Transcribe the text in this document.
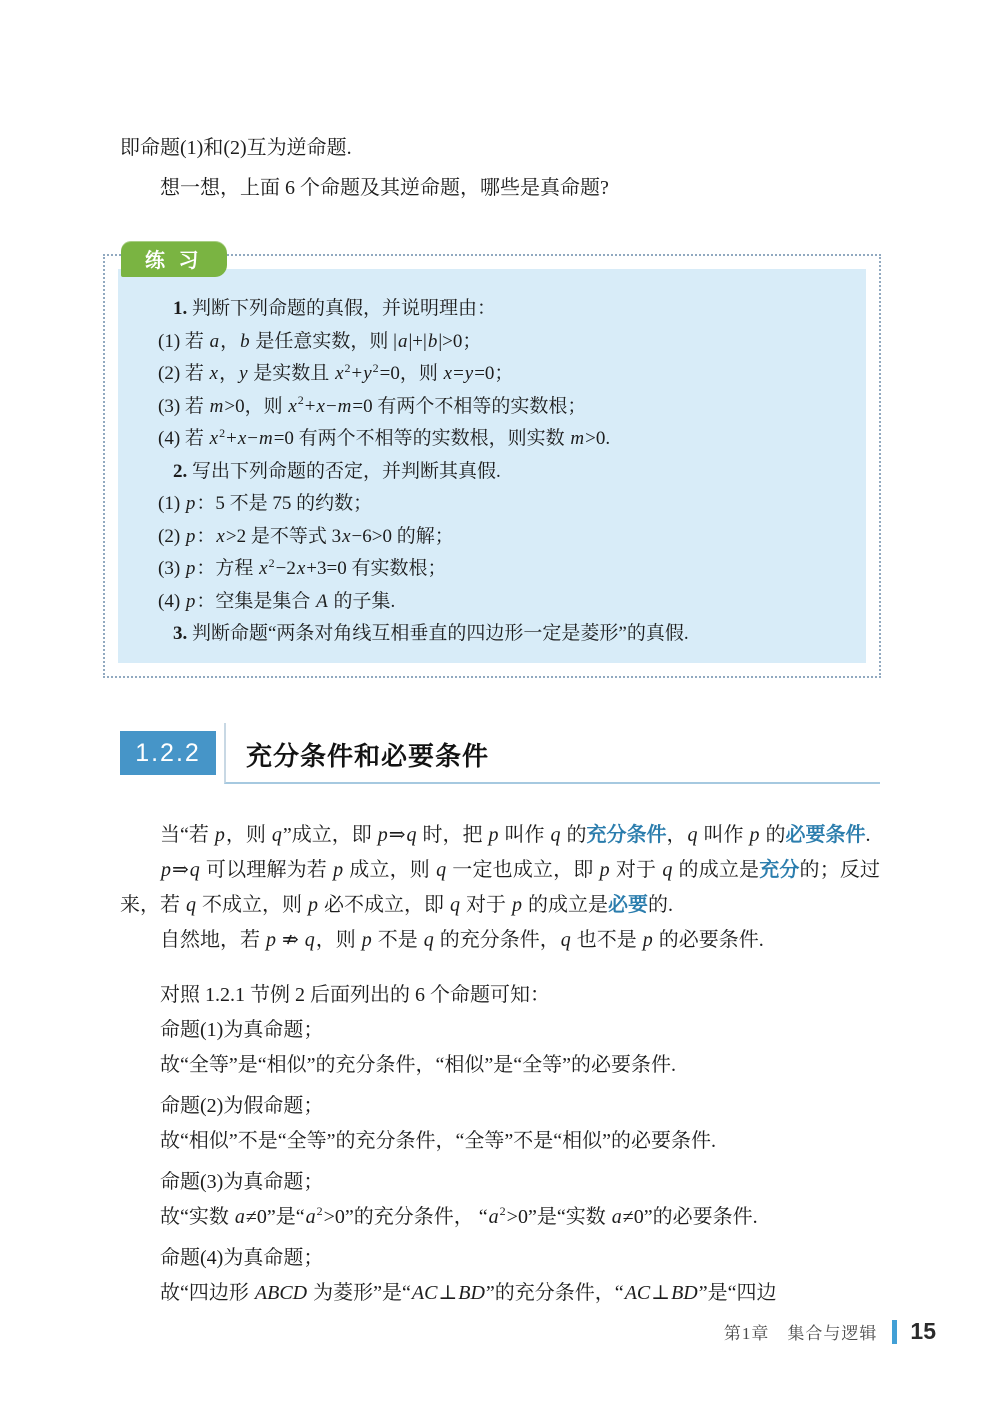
即命题(1)和(2)互为逆命题.

想一想，上面 6 个命题及其逆命题，哪些是真命题?

练 习
1. 判断下列命题的真假，并说明理由：
(1) 若 a，b 是任意实数，则 |a|+|b|>0；
(2) 若 x，y 是实数且 $x^2+y^2=0$，则 x=y=0；
(3) 若 m>0，则 $x^2+x-m=0$ 有两个不相等的实数根；
(4) 若 $x^2+x-m=0$ 有两个不相等的实数根，则实数 m>0.
2. 写出下列命题的否定，并判断其真假.
(1) p：5 不是 75 的约数；
(2) p：x>2 是不等式 3x−6>0 的解；
(3) p：方程 $x^2-2x+3=0$ 有实数根；
(4) p：空集是集合 A 的子集.
3. 判断命题“两条对角线互相垂直的四边形一定是菱形”的真假.
1.2.2	充分条件和必要条件

当“若 p，则 q”成立，即 p⇒q 时，把 p 叫作 q 的充分条件，q 叫作 p 的必要条件.

p⇒q 可以理解为若 p 成立，则 q 一定也成立，即 p 对于 q 的成立是充分的；反过来，若 q 不成立，则 p 必不成立，即 q 对于 p 的成立是必要的.

自然地，若 p ⇏ q，则 p 不是 q 的充分条件，q 也不是 p 的必要条件.

对照 1.2.1 节例 2 后面列出的 6 个命题可知：

命题(1)为真命题；

故“全等”是“相似”的充分条件，“相似”是“全等”的必要条件.

命题(2)为假命题；

故“相似”不是“全等”的充分条件，“全等”不是“相似”的必要条件.

命题(3)为真命题；

故“实数 a≠0”是“$a^2>0$”的充分条件， “$a^2>0$”是“实数 a≠0”的必要条件.

命题(4)为真命题；

故“四边形 ABCD 为菱形”是“AC⊥BD”的充分条件，“AC⊥BD”是“四边

第1章　集合与逻辑 15
